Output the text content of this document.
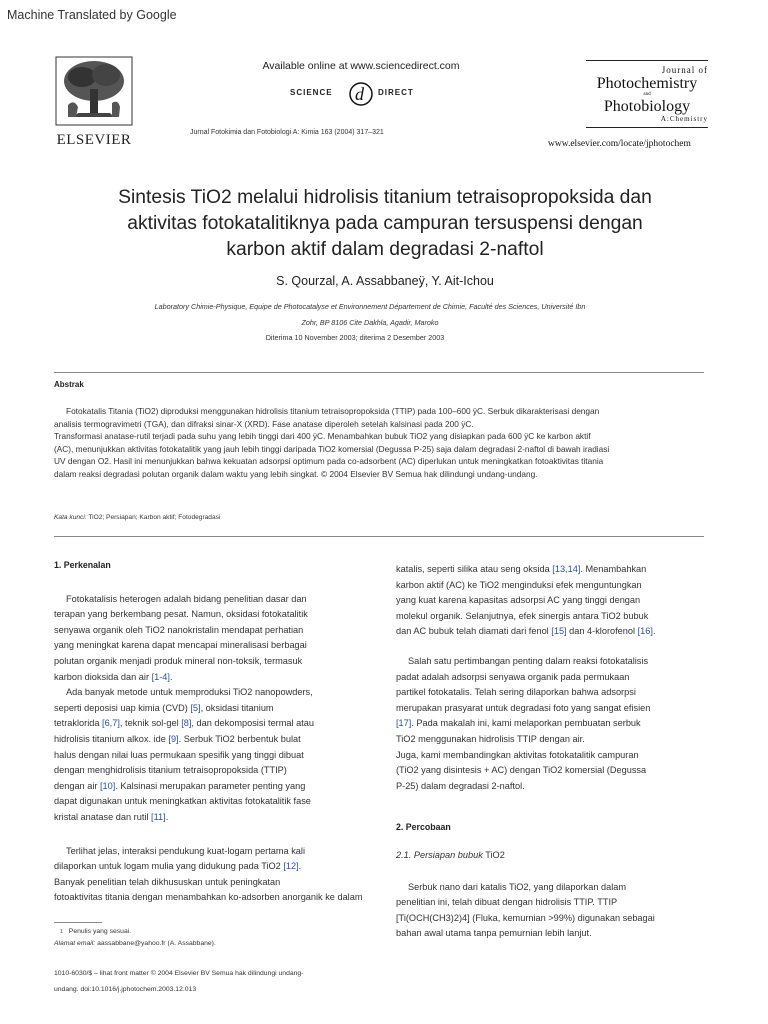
Machine Translated by Google
ELSEVIER
Available online at www.sciencedirect.com
SCIENCE d DIRECT
Jurnal Fotokimia dan Fotobiologi A: Kimia 163 (2004) 317–321
Journal of
Photochemistry
and
Photobiology
A:Chemistry
www.elsevier.com/locate/jphotochem
Sintesis TiO2 melalui hidrolisis titanium tetraisopropoksida dan
aktivitas fotokatalitiknya pada campuran tersuspensi dengan
karbon aktif dalam degradasi 2-naftol
S. Qourzal, A. Assabbaneÿ, Y. Ait-Ichou
Laboratory Chimie-Physique, Equipe de Photocatalyse et Environnement Département de Chimie, Faculté des Sciences, Université Ibn
Zohr, BP 8106 Cite Dakhla, Agadir, Maroko
Diterima 10 November 2003; diterima 2 Desember 2003
Abstrak
Fotokatalis Titania (TiO2) diproduksi menggunakan hidrolisis titanium tetraisopropoksida (TTIP) pada 100–600 ÿC. Serbuk dikarakterisasi dengan
analisis termogravimetri (TGA), dan difraksi sinar-X (XRD). Fase anatase diperoleh setelah kalsinasi pada 200 ÿC.
Transformasi anatase-rutil terjadi pada suhu yang lebih tinggi dari 400 ÿC. Menambahkan bubuk TiO2 yang disiapkan pada 600 ÿC ke karbon aktif
(AC), menunjukkan aktivitas fotokatalitik yang jauh lebih tinggi daripada TiO2 komersial (Degussa P-25) saja dalam degradasi 2-naftol di bawah iradiasi
UV dengan O2. Hasil ini menunjukkan bahwa kekuatan adsorpsi optimum pada co-adsorbent (AC) diperlukan untuk meningkatkan fotoaktivitas titania
dalam reaksi degradasi polutan organik dalam waktu yang lebih singkat. © 2004 Elsevier BV Semua hak dilindungi undang-undang.
Kata kunci: TiO2; Persiapan; Karbon aktif; Fotodegradasi
1. Perkenalan

Fotokatalisis heterogen adalah bidang penelitian dasar dan

terapan yang berkembang pesat. Namun, oksidasi fotokatalitik

senyawa organik oleh TiO2 nanokristalin mendapat perhatian

yang meningkat karena dapat mencapai mineralisasi berbagai

polutan organik menjadi produk mineral non-toksik, termasuk

karbon dioksida dan air [1-4].

Ada banyak metode untuk memproduksi TiO2 nanopowders,

seperti deposisi uap kimia (CVD) [5], oksidasi titanium

tetraklorida [6,7], teknik sol-gel [8], dan dekomposisi termal atau

hidrolisis titanium alkox. ide [9]. Serbuk TiO2 berbentuk bulat

halus dengan nilai luas permukaan spesifik yang tinggi dibuat

dengan menghidrolisis titanium tetraisopropoksida (TTIP)

dengan air [10]. Kalsinasi merupakan parameter penting yang

dapat digunakan untuk meningkatkan aktivitas fotokatalitik fase

kristal anatase dan rutil [11].

Terlihat jelas, interaksi pendukung kuat-logam pertama kali

dilaporkan untuk logam mulia yang didukung pada TiO2 [12].

Banyak penelitian telah dikhususkan untuk peningkatan

fotoaktivitas titania dengan menambahkan ko-adsorben anorganik ke dalam

$^1$ Penulis yang sesuai.
Alamat email: aassabbane@yahoo.fr (A. Assabbane).
1010-6030/$ – lihat front matter © 2004 Elsevier BV Semua hak dilindungi undang-
undang. doi:10.1016/j.jphotochem.2003.12.013

katalis, seperti silika atau seng oksida [13,14]. Menambahkan

karbon aktif (AC) ke TiO2 menginduksi efek menguntungkan

yang kuat karena kapasitas adsorpsi AC yang tinggi dengan

molekul organik. Selanjutnya, efek sinergis antara TiO2 bubuk

dan AC bubuk telah diamati dari fenol [15] dan 4-klorofenol [16].

Salah satu pertimbangan penting dalam reaksi fotokatalisis

padat adalah adsorpsi senyawa organik pada permukaan

partikel fotokatalis. Telah sering dilaporkan bahwa adsorpsi

merupakan prasyarat untuk degradasi foto yang sangat efisien

[17]. Pada makalah ini, kami melaporkan pembuatan serbuk

TiO2 menggunakan hidrolisis TTIP dengan air.

Juga, kami membandingkan aktivitas fotokatalitik campuran

(TiO2 yang disintesis + AC) dengan TiO2 komersial (Degussa

P-25) dalam degradasi 2-naftol.

2. Percobaan

2.1. Persiapan bubuk TiO2

Serbuk nano dari katalis TiO2, yang dilaporkan dalam

penelitian ini, telah dibuat dengan hidrolisis TTIP. TTIP

[Ti(OCH(CH3)2)4] (Fluka, kemurnian >99%) digunakan sebagai

bahan awal utama tanpa pemurnian lebih lanjut.
